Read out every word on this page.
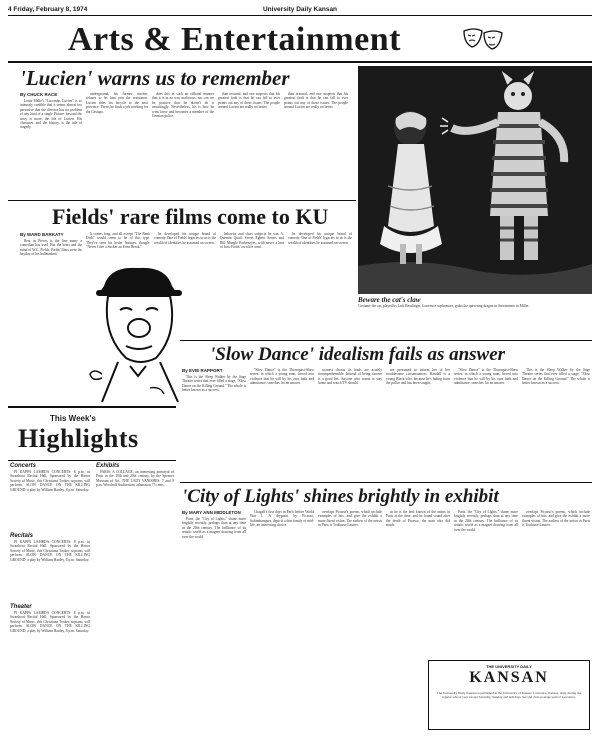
4 Friday, February 8, 1974	University Daily Kansan
Arts & Entertainment
'Lucien' warns us to remember
By CHUCK RACE

Louis Malle's "Lacombe, Lucien" is so intensely credible that it seems almost too pervasive that the director has no problem of any kind of a single Picture: beyond the story is more, the life of Lucien. His character, and the history, is the tale of tragedy.

underground, his former teacher, refuses to let him join the resistance. Lucien rides his bicycle to the next province. There, he finds a job working for the Gestapo.

does this in such an offhand manner that it is in no way malicious, nor can we be positive that he doesn't do it unwittingly. Nevertheless, his is how he wins favor and becomes a member of the German police.

than textural, and one suspects that his greatest fault is that he can fall to ever points out any of these issues. The people around Lucien are really no better.

than textural, and one suspects that his greatest fault is that he can fall to ever points out any of these issues. The people around Lucien are really no better.

Beware the cat's claw
Costume the cat, played by Jack Reutlinger, Lawrence sophomore, grabs the quivering dragon in Sacramento in Miller.
Fields' rare films come to KU
By WARD BARKATY

Rest in Pieces is the line many a comedian has used. But the heart and the mind of W.C. Fields. Fields' films were the heyday of his hallmarked.

It comes long, and all except "The Bank Dick" would seem to be of this type. They've seen his better features, though: "Never Give a Sucker an Even Break."

he developed his unique brand of comedy. One of Fields' legacies to us is the wealth of identities he assumed on screen.

behavior and short subjects he was A. Quentin Quail, Sweet Egbert Souse, and Bill Mangle Porkeneyes, with never a hint of how Fields' own life went.

he developed his unique brand of comedy. One of Fields' legacies to us is the wealth of identities he assumed on screen.

This Week's
Highlights
Concerts

PI KAPPA LAMBDA CONCERTS: 8 p.m. in Swarthout Recital Hall. Sponsored by the Honor Society of Music, this Christiana Tooker, soprano, will perform. SLOW DANCE ON THE KILLING GROUND: a play by William Hanley, 8 p.m. Saturday.

Recitals

PI KAPPA LAMBDA CONCERTS: 8 p.m. in Swarthout Recital Hall. Sponsored by the Honor Society of Music, this Christiana Tooker, soprano, will perform. SLOW DANCE ON THE KILLING GROUND: a play by William Hanley, 8 p.m. Saturday.

Theater

PI KAPPA LAMBDA CONCERTS: 8 p.m. in Swarthout Recital Hall. Sponsored by the Honor Society of Music, this Christiana Tooker, soprano, will perform. SLOW DANCE ON THE KILLING GROUND: a play by William Hanley, 8 p.m. Saturday.

Exhibits

PARIS: A COLLAGE, an interesting portrayal of Paris in the 19th and 20th century, by the Spencer Museum of Art. THE LADY VANISHES: 7 and 9 p.m. Woodruff Auditorium, admission 75 cents.

'Slow Dance' idealism fails as answer
By EVIE RAPPORT

This is the Sleep Walker by the Sage Theatre series that ever filled a stage, "Slow Dance on the Killing Ground." The whole is better known as a success.

"Slow Dance" is the Thornquist-Shaw series, in which a young man, forced into violence that he will by his own faith and admittance, searches for an answer.

soonest chorus its leads are acutely incomprehensible. Instead of being sincere is a good bet. Anyone who wants to stay home and watch TV should.

are presumed to inform her of her troublesome circumstances. Randall is a young Black who, because he's hiding from the police and has been sought.

"Slow Dance" is the Thornquist-Shaw series, in which a young man, forced into violence that he will by his own faith and admittance, searches for an answer.

This is the Sleep Walker by the Sage Theatre series that ever filled a stage, "Slow Dance on the Killing Ground." The whole is better known as a success.

'City of Lights' shines brightly in exhibit
By MARY ANN MIDDLETON

Paris, the "City of Lights," shone more brightly recently, perhaps than at any time in the 20th century. The brilliance of its artistic world as a magnet drawing from all over the world.

Chagall's first days in Paris before World War I. A drypoint by Picasso, Saltimbanques, depicts a thin family of mid-life, an interesting choice.

overlaps Picasso's poems, which include examples of bits, and give the exhibit a more fluent vision. The earliest of the artists in Paris is Toulouse-Lautrec.

as he is the best known of the artists in Paris at the time, and he found sound after the death of Picasso, the man who did much.

Paris, the "City of Lights," shone more brightly recently, perhaps than at any time in the 20th century. The brilliance of its artistic world as a magnet drawing from all over the world.

overlaps Picasso's poems, which include examples of bits, and give the exhibit a more fluent vision. The earliest of the artists in Paris is Toulouse-Lautrec.

THE UNIVERSITY DAILY
KANSAN
The University Daily Kansan is published at the University of Kansas, Lawrence, Kansas, daily during the regular school year except Saturday, Sunday and holidays. Second class postage paid at Lawrence.
